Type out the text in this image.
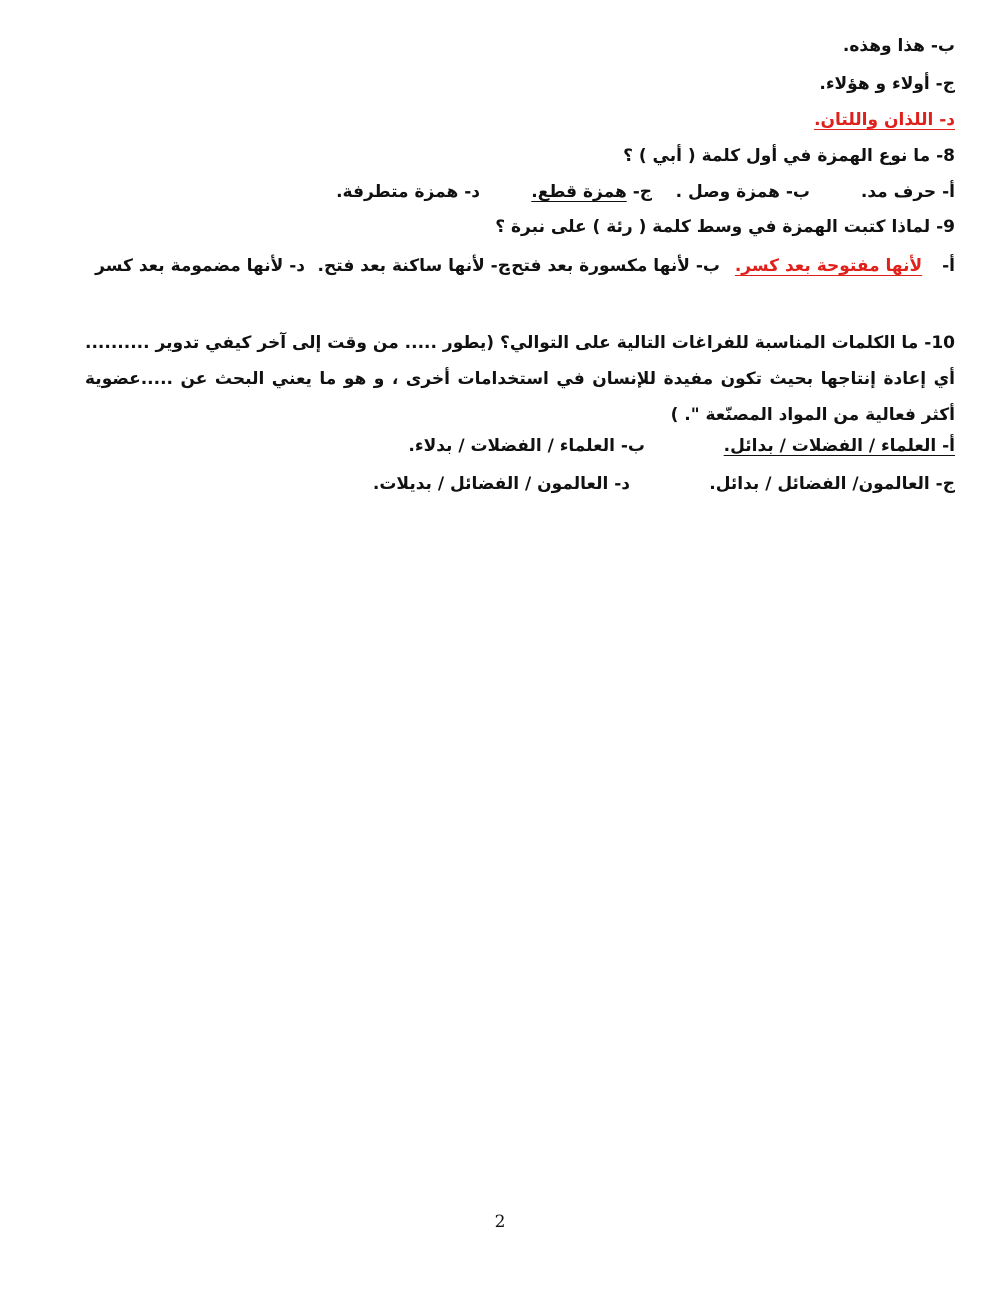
ب- هذا وهذه.
ج- أولاء و هؤلاء.
د- اللذان واللتان.
8- ما نوع الهمزة في أول كلمة ( أبي ) ؟
أ- حرف مد.
ب- همزة وصل .
ج- همزة قطع.
د- همزة متطرفة.
9- لماذا كتبت الهمزة في وسط كلمة ( رئة ) على نبرة ؟
أ- لأنها مفتوحة بعد كسر.
ب- لأنها مكسورة بعد فتح.
ج- لأنها ساكنة بعد فتح.
د- لأنها مضمومة بعد كسر
10- ما الكلمات المناسبة للفراغات التالية على التوالي؟ (يطور ..... من وقت إلى آخر كيفي تدوير .......... أي إعادة إنتاجها بحيث تكون مفيدة للإنسان في استخدامات أخرى ، و هو ما يعني البحث عن .....عضوية أكثر فعالية من المواد المصنّعة ". )
أ- العلماء / الفضلات / بدائل.
ب- العلماء / الفضلات / بدلاء.
ج- العالمون/ الفضائل / بدائل.
د- العالمون / الفضائل / بديلات.
2
